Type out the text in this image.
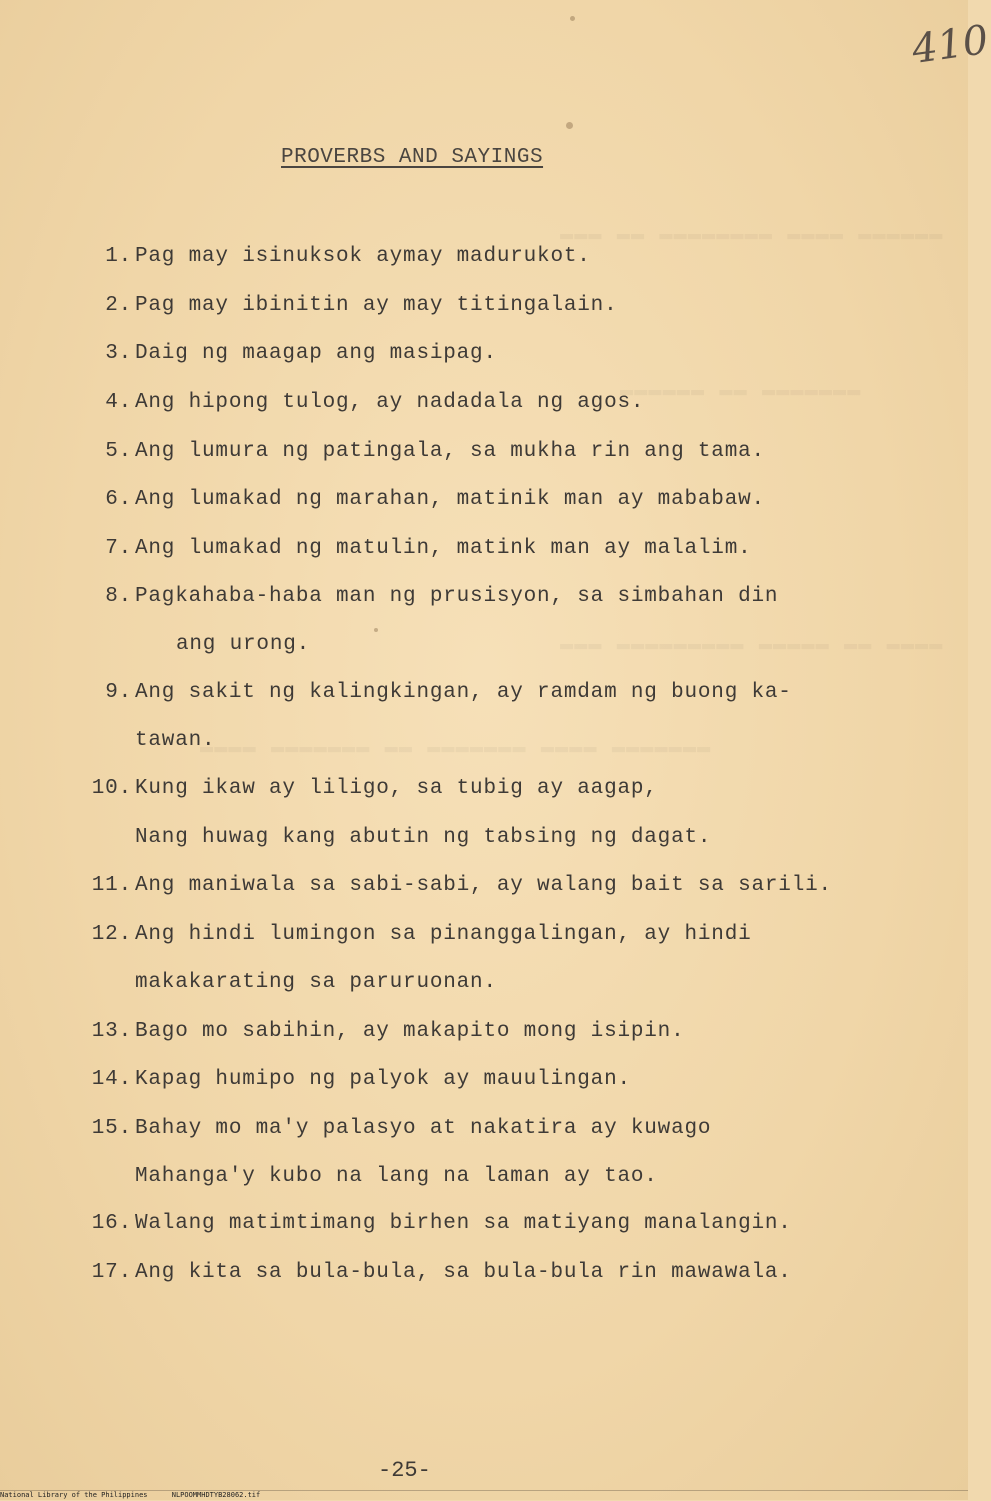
▬▬▬ ▬▬ ▬▬▬▬▬▬▬▬ ▬▬▬▬ ▬▬▬▬▬▬
▬▬▬▬▬▬ ▬▬ ▬▬▬▬▬▬▬
▬▬▬ ▬▬▬▬▬▬▬▬▬ ▬▬▬▬▬ ▬▬ ▬▬▬▬
▬▬▬▬ ▬▬▬▬▬▬▬ ▬▬ ▬▬▬▬▬▬▬ ▬▬▬▬ ▬▬▬▬▬▬▬
410
PROVERBS AND SAYINGS
1. Pag may isinuksok aymay madurukot.
2. Pag may ibinitin ay may titingalain.
3. Daig ng maagap ang masipag.
4. Ang hipong tulog, ay nadadala ng agos.
5. Ang lumura ng patingala, sa mukha rin ang tama.
6. Ang lumakad ng marahan, matinik man ay mababaw.
7. Ang lumakad ng matulin, matink man ay malalim.
8. Pagkahaba-haba man ng prusisyon, sa simbahan din
ang urong.
9. Ang sakit ng kalingkingan, ay ramdam ng buong ka-
tawan.
10. Kung ikaw ay liligo, sa tubig ay aagap,
Nang huwag kang abutin ng tabsing ng dagat.
11. Ang maniwala sa sabi-sabi, ay walang bait sa sarili.
12. Ang hindi lumingon sa pinanggalingan, ay hindi
makakarating sa paruruonan.
13. Bago mo sabihin, ay makapito mong isipin.
14. Kapag humipo ng palyok ay mauulingan.
15. Bahay mo ma'y palasyo at nakatira ay kuwago
Mahanga'y kubo na lang na laman ay tao.
16. Walang matimtimang birhen sa matiyang manalangin.
17. Ang kita sa bula-bula, sa bula-bula rin mawawala.
-25-
National Library of the Philippines	NLPOOMMHDTYB28062.tif
